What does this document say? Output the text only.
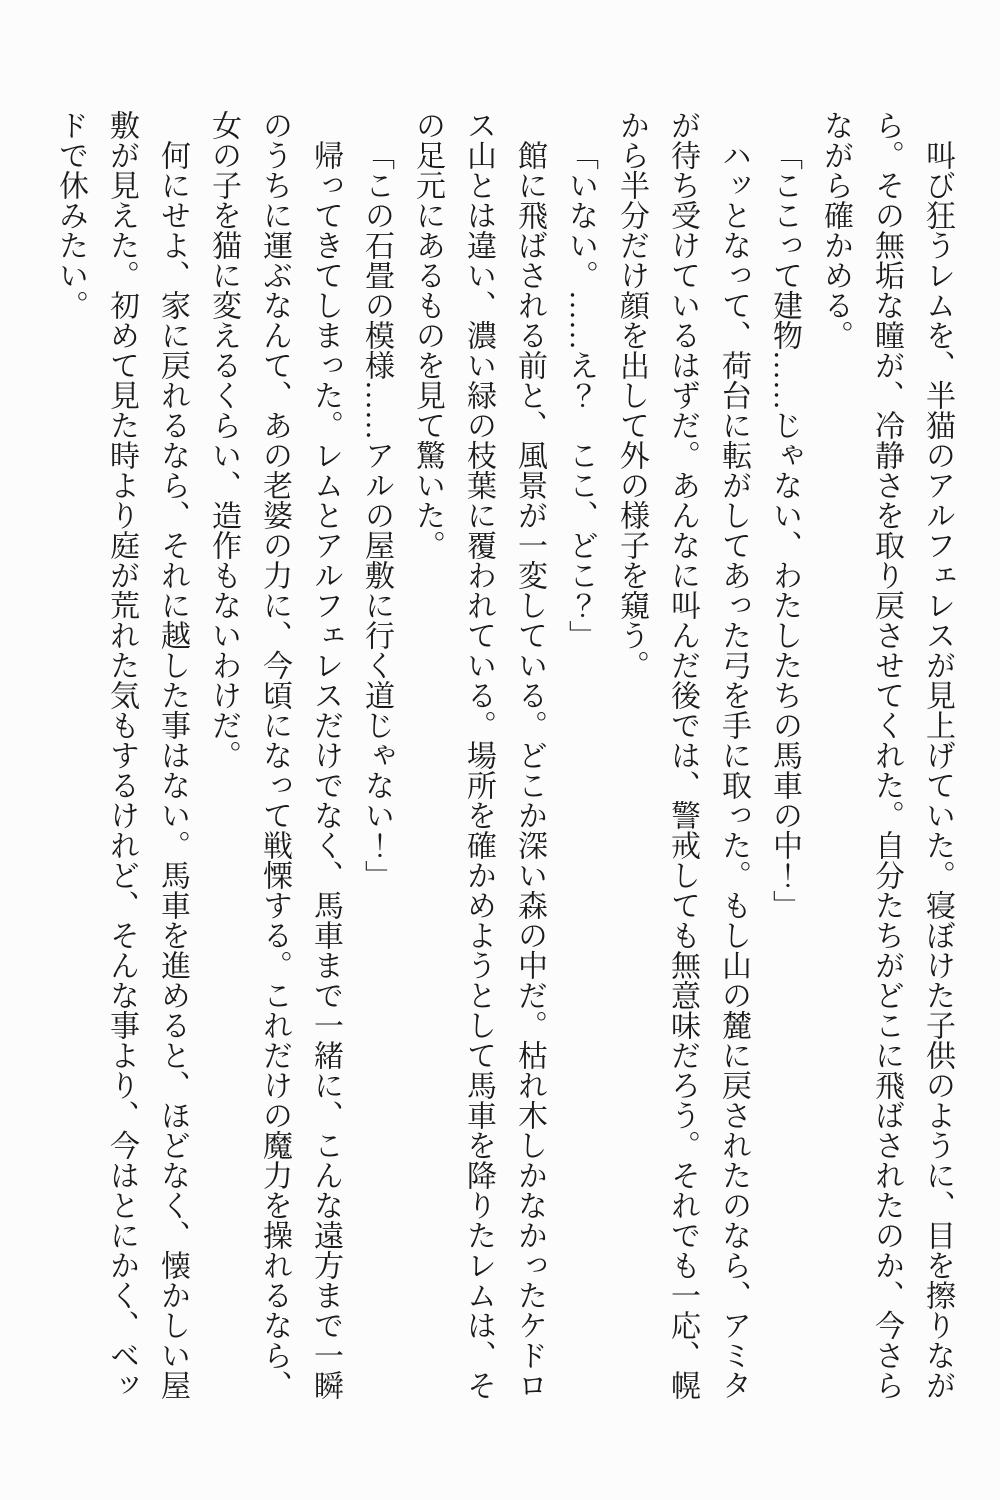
叫び狂うレムを、半猫のアルフェレスが見上げていた。寝ぼけた子供のように、目を擦りながら。その無垢な瞳が、冷静さを取り戻させてくれた。自分たちがどこに飛ばされたのか、今さらながら確かめる。

「ここって建物……じゃない、わたしたちの馬車の中！」

ハッとなって、荷台に転がしてあった弓を手に取った。もし山の麓に戻されたのなら、アミタが待ち受けているはずだ。あんなに叫んだ後では、警戒しても無意味だろう。それでも一応、幌から半分だけ顔を出して外の様子を窺う。

「いない。……え？　ここ、どこ？」

館に飛ばされる前と、風景が一変している。どこか深い森の中だ。枯れ木しかなかったケドロス山とは違い、濃い緑の枝葉に覆われている。場所を確かめようとして馬車を降りたレムは、その足元にあるものを見て驚いた。

「この石畳の模様……アルの屋敷に行く道じゃない！」

帰ってきてしまった。レムとアルフェレスだけでなく、馬車まで一緒に、こんな遠方まで一瞬のうちに運ぶなんて、あの老婆の力に、今頃になって戦慄する。これだけの魔力を操れるなら、女の子を猫に変えるくらい、造作もないわけだ。

何にせよ、家に戻れるなら、それに越した事はない。馬車を進めると、ほどなく、懐かしい屋敷が見えた。初めて見た時より庭が荒れた気もするけれど、そんな事より、今はとにかく、ベッドで休みたい。
